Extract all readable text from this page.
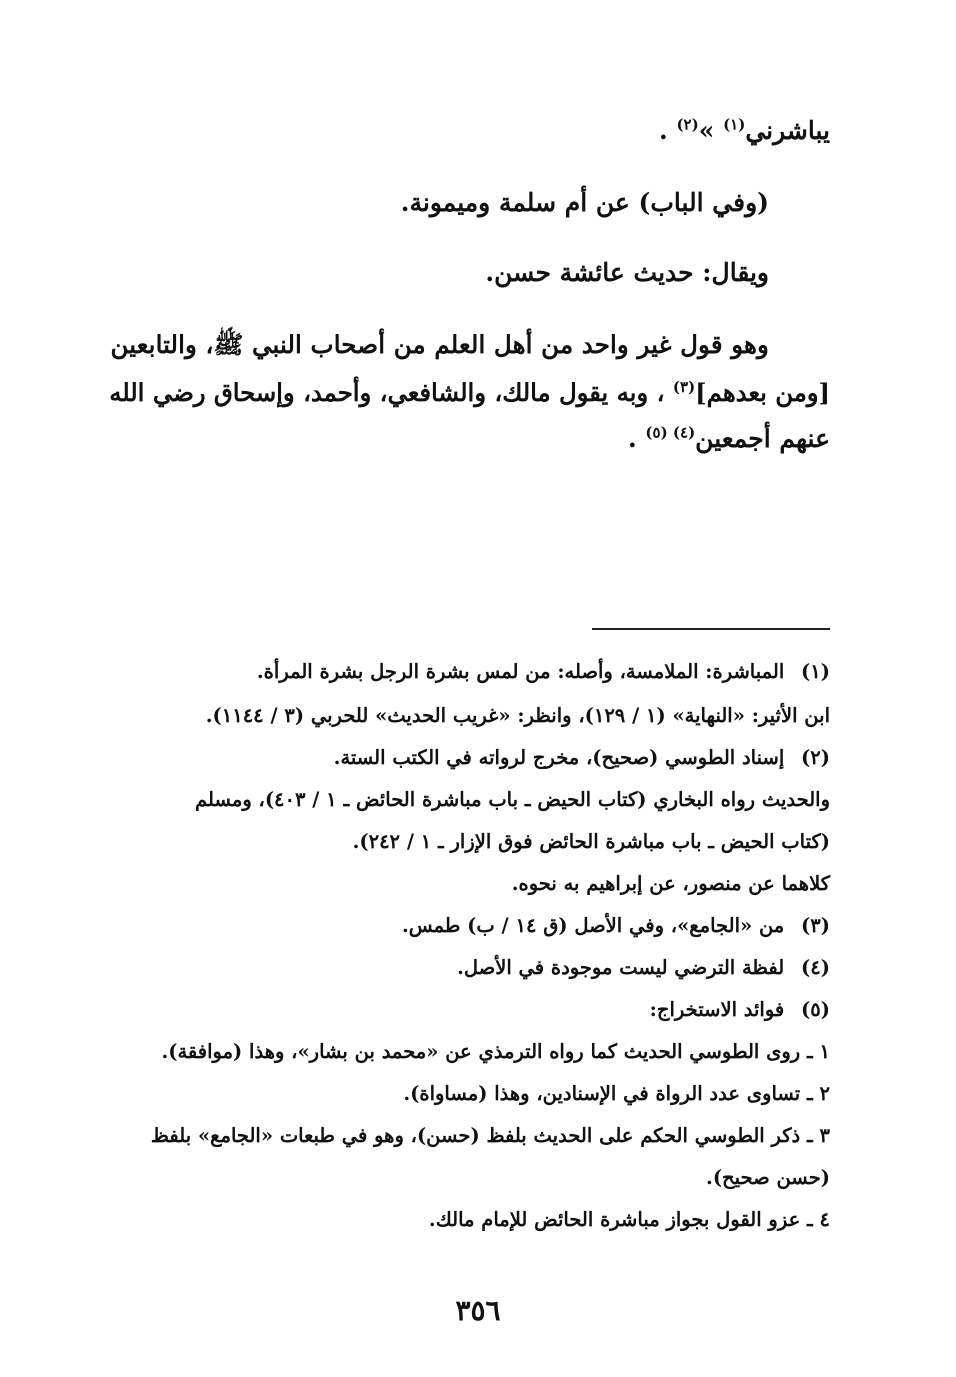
يباشرني$^{(١)}$ »$^{(٢)}$ .
(وفي الباب) عن أم سلمة وميمونة.
ويقال: حديث عائشة حسن.
وهو قول غير واحد من أهل العلم من أصحاب النبي ﷺ، والتابعين
[ومن بعدهم]$^{(٣)}$ ، وبه يقول مالك، والشافعي، وأحمد، وإسحاق رضي الله
عنهم أجمعين$^{(٤) (٥)}$ .
(١) المباشرة: الملامسة، وأصله: من لمس بشرة الرجل بشرة المرأة.
ابن الأثير: «النهاية» (١ / ١٢٩)، وانظر: «غريب الحديث» للحربي (٣ / ١١٤٤).
(٢) إسناد الطوسي (صحيح)، مخرج لرواته في الكتب الستة.
والحديث رواه البخاري (كتاب الحيض ـ باب مباشرة الحائض ـ ١ / ٤٠٣)، ومسلم
(كتاب الحيض ـ باب مباشرة الحائض فوق الإزار ـ ١ / ٢٤٢).
كلاهما عن منصور، عن إبراهيم به نحوه.
(٣) من «الجامع»، وفي الأصل (ق ١٤ / ب) طمس.
(٤) لفظة الترضي ليست موجودة في الأصل.
(٥) فوائد الاستخراج:
١ ـ روى الطوسي الحديث كما رواه الترمذي عن «محمد بن بشار»، وهذا (موافقة).
٢ ـ تساوى عدد الرواة في الإسنادين، وهذا (مساواة).
٣ ـ ذكر الطوسي الحكم على الحديث بلفظ (حسن)، وهو في طبعات «الجامع» بلفظ
(حسن صحيح).
٤ ـ عزو القول بجواز مباشرة الحائض للإمام مالك.
٣٥٦
